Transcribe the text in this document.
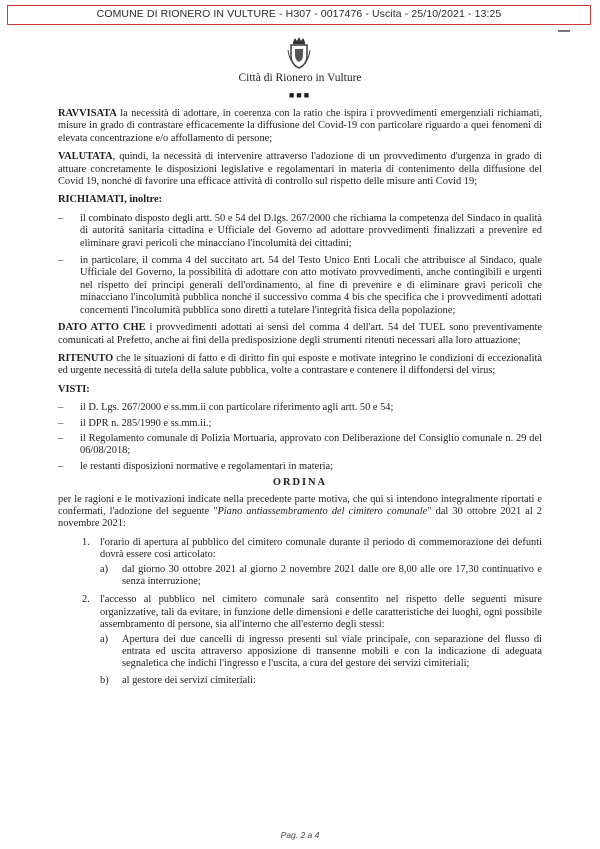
COMUNE DI RIONERO IN VULTURE - H307 - 0017476 - Uscita - 25/10/2021 - 13:25
Città di Rionero in Vulture
■■■

RAVVISATA la necessità di adottare, in coerenza con la ratio che ispira i provvedimenti emergenziali richiamati, misure in grado di contrastare efficacemente la diffusione del Covid-19 con particolare riguardo a quei fenomeni di elevata concentrazione e/o affollamento di persone;

VALUTATA, quindi, la necessità di intervenire attraverso l'adozione di un provvedimento d'urgenza in grado di attuare concretamente le disposizioni legislative e regolamentari in materia di contenimento della diffusione del Covid 19, nonché di favorire una efficace attività di controllo sul rispetto delle misure anti Covid 19;

RICHIAMATI, inoltre:
– il combinato disposto degli artt. 50 e 54 del D.lgs. 267/2000 che richiama la competenza del Sindaco in qualità di autorità sanitaria cittadina e Ufficiale del Governo ad adottare provvedimenti finalizzati a prevenire ed eliminare gravi pericoli che minacciano l'incolumità dei cittadini;
– in particolare, il comma 4 del succitato art. 54 del Testo Unico Enti Locali che attribuisce al Sindaco, quale Ufficiale del Governo, la possibilità di adottare con atto motivato provvedimenti, anche contingibili e urgenti nel rispetto dei principi generali dell'ordinamento, al fine di prevenire e di eliminare gravi pericoli che minacciano l'incolumità pubblica nonché il successivo comma 4 bis che specifica che i provvedimenti adottati concernenti l'incolumità pubblica sono diretti a tutelare l'integrità fisica della popolazione;

DATO ATTO CHE i provvedimenti adottati ai sensi del comma 4 dell'art. 54 del TUEL sono preventivamente comunicati al Prefetto, anche ai fini della predisposizione degli strumenti ritenuti necessari alla loro attuazione;

RITENUTO che le situazioni di fatto e di diritto fin qui esposte e motivate integrino le condizioni di eccezionalità ed urgente necessità di tutela della salute pubblica, volte a contrastare e contenere il diffondersi del virus;

VISTI:
– il D. Lgs. 267/2000 e ss.mm.ii con particolare riferimento agli artt. 50 e 54;
– il DPR n. 285/1990 e ss.mm.ii.;
– il Regolamento comunale di Polizia Mortuaria, approvato con Deliberazione del Consiglio comunale n. 29 del 06/08/2018;
– le restanti disposizioni normative e regolamentari in materia;
ORDINA

per le ragioni e le motivazioni indicate nella precedente parte motiva, che qui si intendono integralmente riportati e confermati, l'adozione del seguente "Piano antiassembramento del cimitero comunale" dal 30 ottobre 2021 al 2 novembre 2021:

1. l'orario di apertura al pubblico del cimitero comunale durante il periodo di commemorazione dei defunti dovrà essere così articolato:
a) dal giorno 30 ottobre 2021 al giorno 2 novembre 2021 dalle ore 8,00 alle ore 17,30 continuativo e senza interruzione;
2. l'accesso al pubblico nel cimitero comunale sarà consentito nel rispetto delle seguenti misure organizzative, tali da evitare, in funzione delle dimensioni e delle caratteristiche dei luoghi, ogni possibile assembramento di persone, sia all'interno che all'esterno degli stessi:
a) Apertura dei due cancelli di ingresso presenti sul viale principale, con separazione del flusso di entrata ed uscita attraverso apposizione di transenne mobili e con la indicazione di adeguata segnaletica che indichi l'ingresso e l'uscita, a cura del gestore dei servizi cimiteriali;
b) al gestore dei servizi cimiteriali:
Pag. 2 a 4
